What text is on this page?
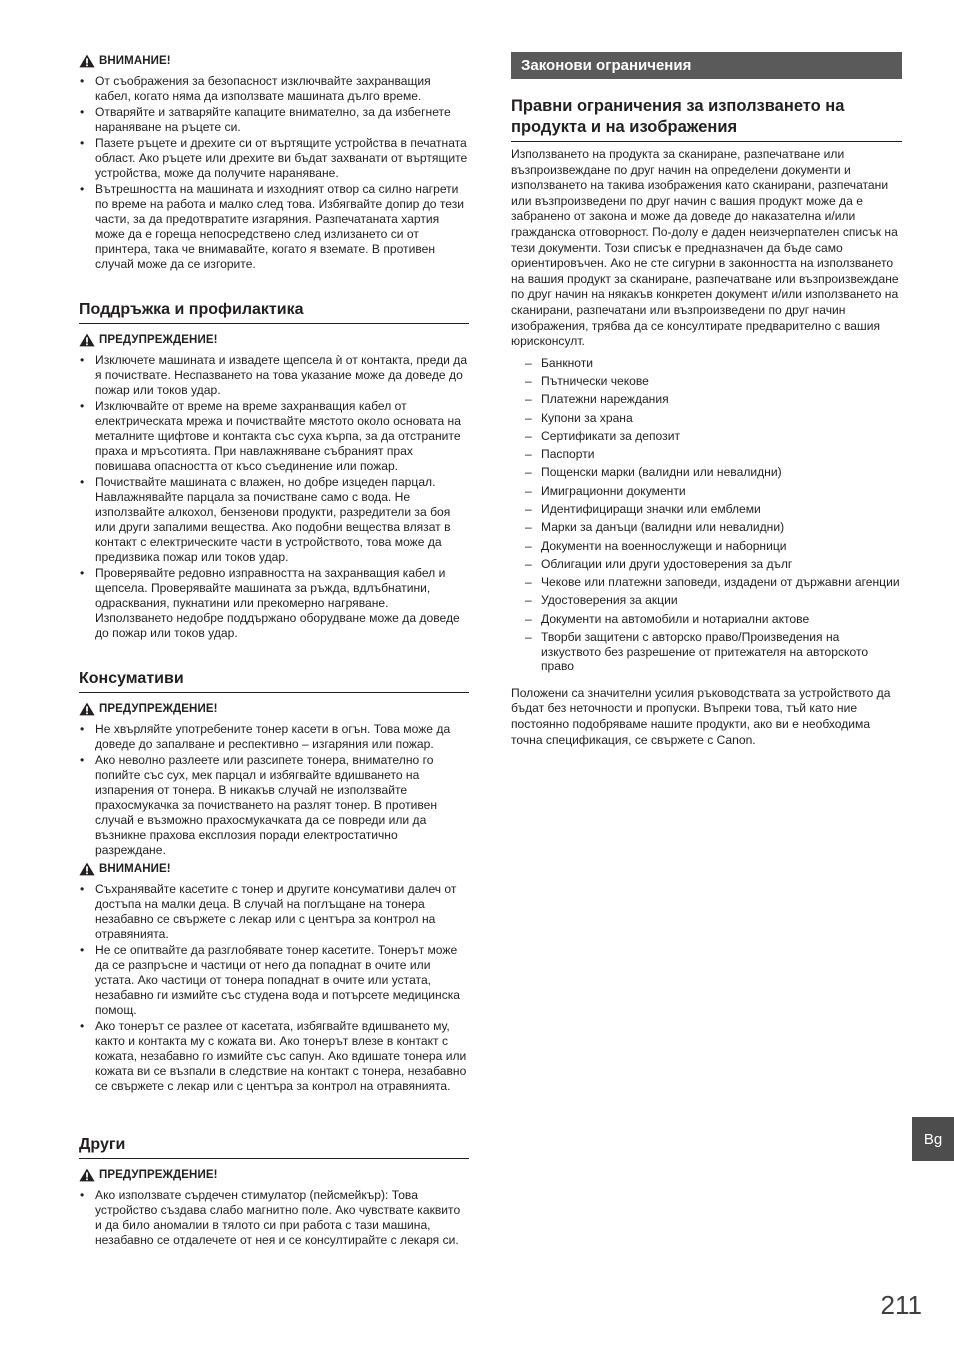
ВНИМАНИЕ!
• От съображения за безопасност изключвайте захранващия кабел, когато няма да използвате машината дълго време.
• Отваряйте и затваряйте капаците внимателно, за да избегнете нараняване на ръцете си.
• Пазете ръцете и дрехите си от въртящите устройства в печатната област. Ако ръцете или дрехите ви бъдат захванати от въртящите устройства, може да получите нараняване.
• Вътрешността на машината и изходният отвор са силно нагрети по време на работа и малко след това. Избягвайте допир до тези части, за да предотвратите изгаряния. Разпечатаната хартия може да е гореща непосредствено след излизането си от принтера, така че внимавайте, когато я вземате. В противен случай може да се изгорите.
Поддръжка и профилактика
ПРЕДУПРЕЖДЕНИЕ!
• Изключете машината и извадете щепсела ѝ от контакта, преди да я почиствате. Неспазването на това указание може да доведе до пожар или токов удар.
• Изключвайте от време на време захранващия кабел от електрическата мрежа и почиствайте мястото около основата на металните щифтове и контакта със суха кърпа, за да отстраните праха и мръсотията. При навлажняване събраният прах повишава опасността от късо съединение или пожар.
• Почиствайте машината с влажен, но добре изцеден парцал. Навлажнявайте парцала за почистване само с вода. Не използвайте алкохол, бензенови продукти, разредители за боя или други запалими вещества. Ако подобни вещества влязат в контакт с електрическите части в устройството, това може да предизвика пожар или токов удар.
• Проверявайте редовно изправността на захранващия кабел и щепсела. Проверявайте машината за ръжда, вдлъбнатини, одрасквания, пукнатини или прекомерно нагряване. Използването недобре поддържано оборудване може да доведе до пожар или токов удар.
Консумативи
ПРЕДУПРЕЖДЕНИЕ!
• Не хвърляйте употребените тонер касети в огън. Това може да доведе до запалване и респективно – изгаряния или пожар.
• Ако неволно разлеете или разсипете тонера, внимателно го попийте със сух, мек парцал и избягвайте вдишването на изпарения от тонера. В никакъв случай не използвайте прахосмукачка за почистването на разлят тонер. В противен случай е възможно прахосмукачката да се повреди или да възникне прахова експлозия поради електростатично разреждане.
ВНИМАНИЕ!
• Съхранявайте касетите с тонер и другите консумативи далеч от достъпа на малки деца. В случай на поглъщане на тонера незабавно се свържете с лекар или с центъра за контрол на отравянията.
• Не се опитвайте да разглобявате тонер касетите. Тонерът може да се разпръсне и частици от него да попаднат в очите или устата. Ако частици от тонера попаднат в очите или устата, незабавно ги измийте със студена вода и потърсете медицинска помощ.
• Ако тонерът се разлее от касетата, избягвайте вдишването му, както и контакта му с кожата ви. Ако тонерът влезе в контакт с кожата, незабавно го измийте със сапун. Ако вдишате тонера или кожата ви се възпали в следствие на контакт с тонера, незабавно се свържете с лекар или с центъра за контрол на отравянията.
Други
ПРЕДУПРЕЖДЕНИЕ!
• Ако използвате сърдечен стимулатор (пейсмейкър): Това устройство създава слабо магнитно поле. Ако чувствате каквито и да било аномалии в тялото си при работа с тази машина, незабавно се отдалечете от нея и се консултирайте с лекаря си.
Законови ограничения
Правни ограничения за използването на продукта и на изображения

Използването на продукта за сканиране, разпечатване или възпроизвеждане по друг начин на определени документи и използването на такива изображения като сканирани, разпечатани или възпроизведени по друг начин с вашия продукт може да е забранено от закона и може да доведе до наказателна и/или гражданска отговорност. По-долу е даден неизчерпателен списък на тези документи. Този списък е предназначен да бъде само ориентировъчен. Ако не сте сигурни в законността на използването на вашия продукт за сканиране, разпечатване или възпроизвеждане по друг начин на някакъв конкретен документ и/или използването на сканирани, разпечатани или възпроизведени по друг начин изображения, трябва да се консултирате предварително с вашия юрисконсулт.

– Банкноти
– Пътнически чекове
– Платежни нареждания
– Купони за храна
– Сертификати за депозит
– Паспорти
– Пощенски марки (валидни или невалидни)
– Имиграционни документи
– Идентифициращи значки или емблеми
– Марки за данъци (валидни или невалидни)
– Документи на военнослужещи и наборници
– Облигации или други удостоверения за дълг
– Чекове или платежни заповеди, издадени от държавни агенции
– Удостоверения за акции
– Документи на автомобили и нотариални актове
– Творби защитени с авторско право/Произведения на изкуството без разрешение от притежателя на авторското право

Положени са значителни усилия ръководствата за устройството да бъдат без неточности и пропуски. Въпреки това, тъй като ние постоянно подобряваме нашите продукти, ако ви е необходима точна спецификация, се свържете с Canon.

Bg
211
